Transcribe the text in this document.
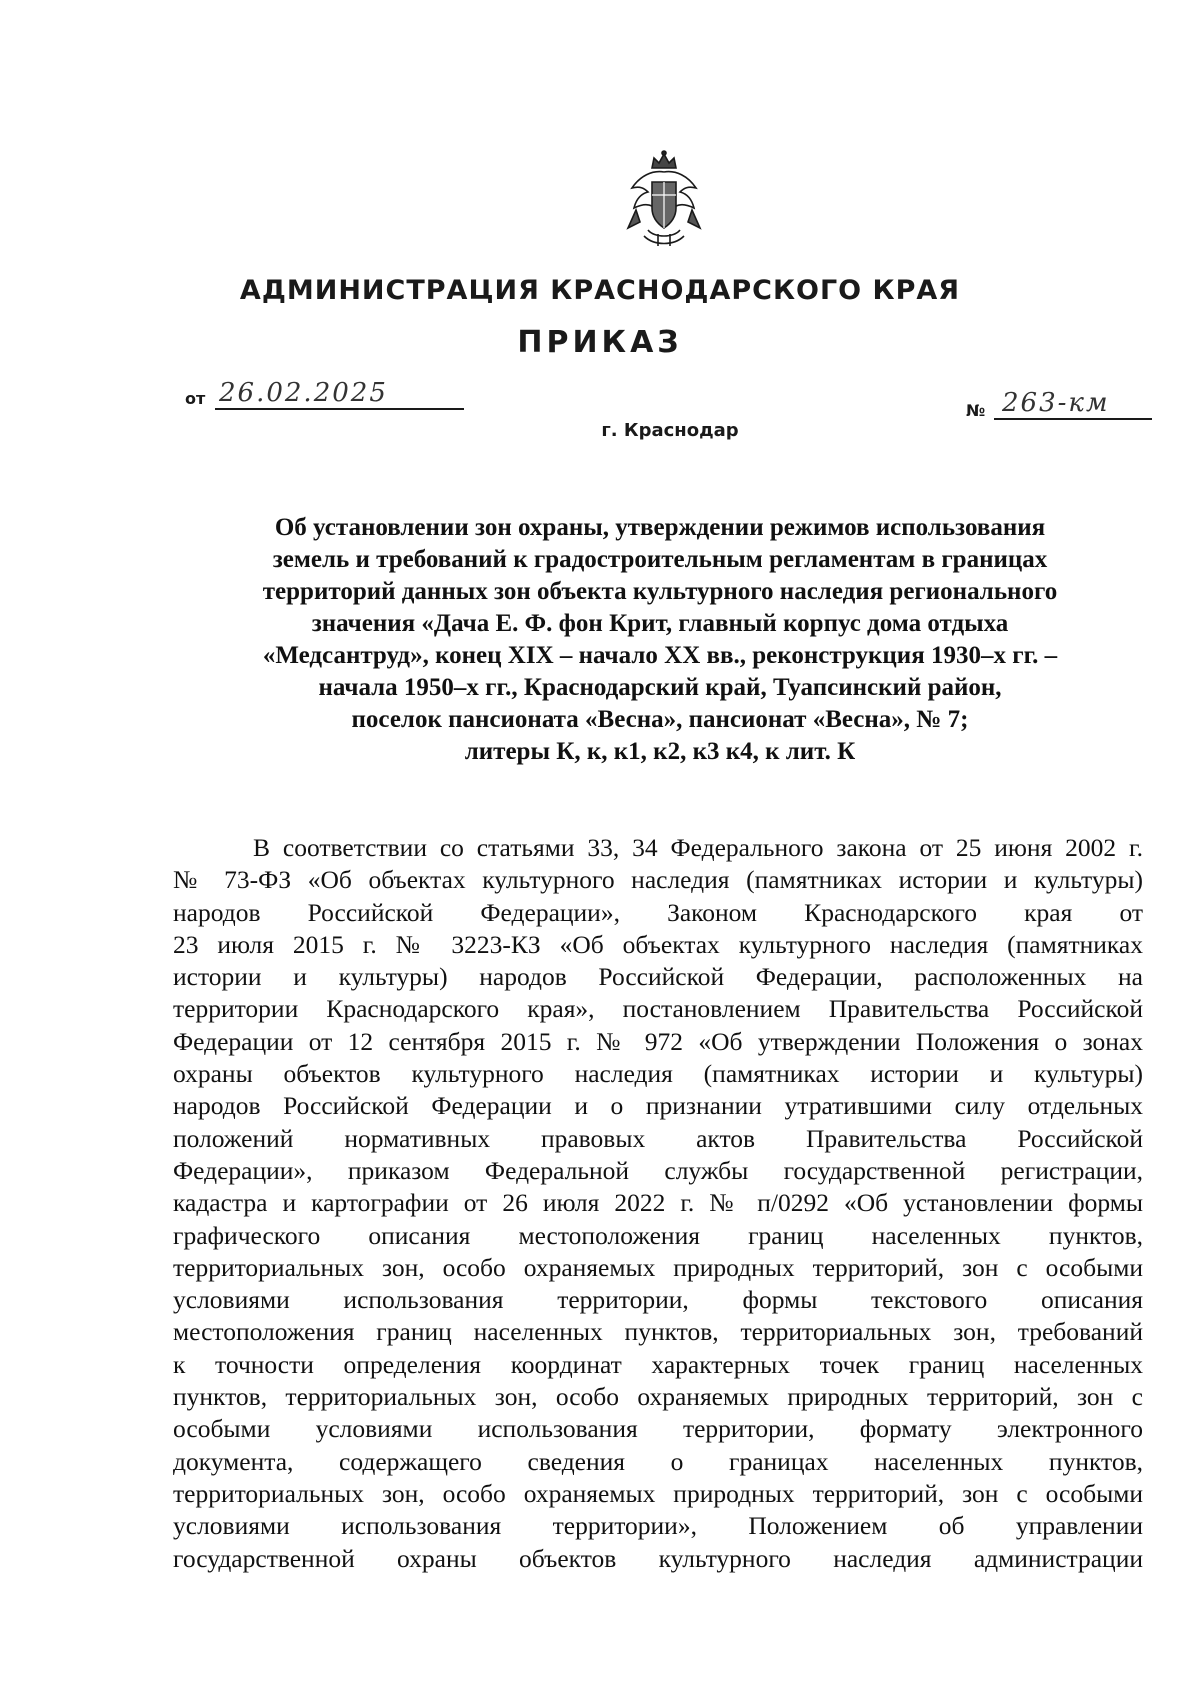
АДМИНИСТРАЦИЯ КРАСНОДАРСКОГО КРАЯ
ПРИКАЗ
от 26.02.2025
№ 263-км
г. Краснодар
Об установлении зон охраны, утверждении режимов использования
земель и требований к градостроительным регламентам в границах
территорий данных зон объекта культурного наследия регионального
значения «Дача Е. Ф. фон Крит, главный корпус дома отдыха
«Медсантруд», конец XIX – начало XX вв., реконструкция 1930–х гг. –
начала 1950–х гг., Краснодарский край, Туапсинский район,
поселок пансионата «Весна», пансионат «Весна», № 7;
литеры К, к, к1, к2, к3 к4, к лит. К
В соответствии со статьями 33, 34 Федерального закона от 25 июня 2002 г.
№ 73-ФЗ «Об объектах культурного наследия (памятниках истории и культуры)
народов Российской Федерации», Законом Краснодарского края от
23 июля 2015 г. № 3223-КЗ «Об объектах культурного наследия (памятниках
истории и культуры) народов Российской Федерации, расположенных на
территории Краснодарского края», постановлением Правительства Российской
Федерации от 12 сентября 2015 г. № 972 «Об утверждении Положения о зонах
охраны объектов культурного наследия (памятниках истории и культуры)
народов Российской Федерации и о признании утратившими силу отдельных
положений нормативных правовых актов Правительства Российской
Федерации», приказом Федеральной службы государственной регистрации,
кадастра и картографии от 26 июля 2022 г. № п/0292 «Об установлении формы
графического описания местоположения границ населенных пунктов,
территориальных зон, особо охраняемых природных территорий, зон с особыми
условиями использования территории, формы текстового описания
местоположения границ населенных пунктов, территориальных зон, требований
к точности определения координат характерных точек границ населенных
пунктов, территориальных зон, особо охраняемых природных территорий, зон с
особыми условиями использования территории, формату электронного
документа, содержащего сведения о границах населенных пунктов,
территориальных зон, особо охраняемых природных территорий, зон с особыми
условиями использования территории», Положением об управлении
государственной охраны объектов культурного наследия администрации
